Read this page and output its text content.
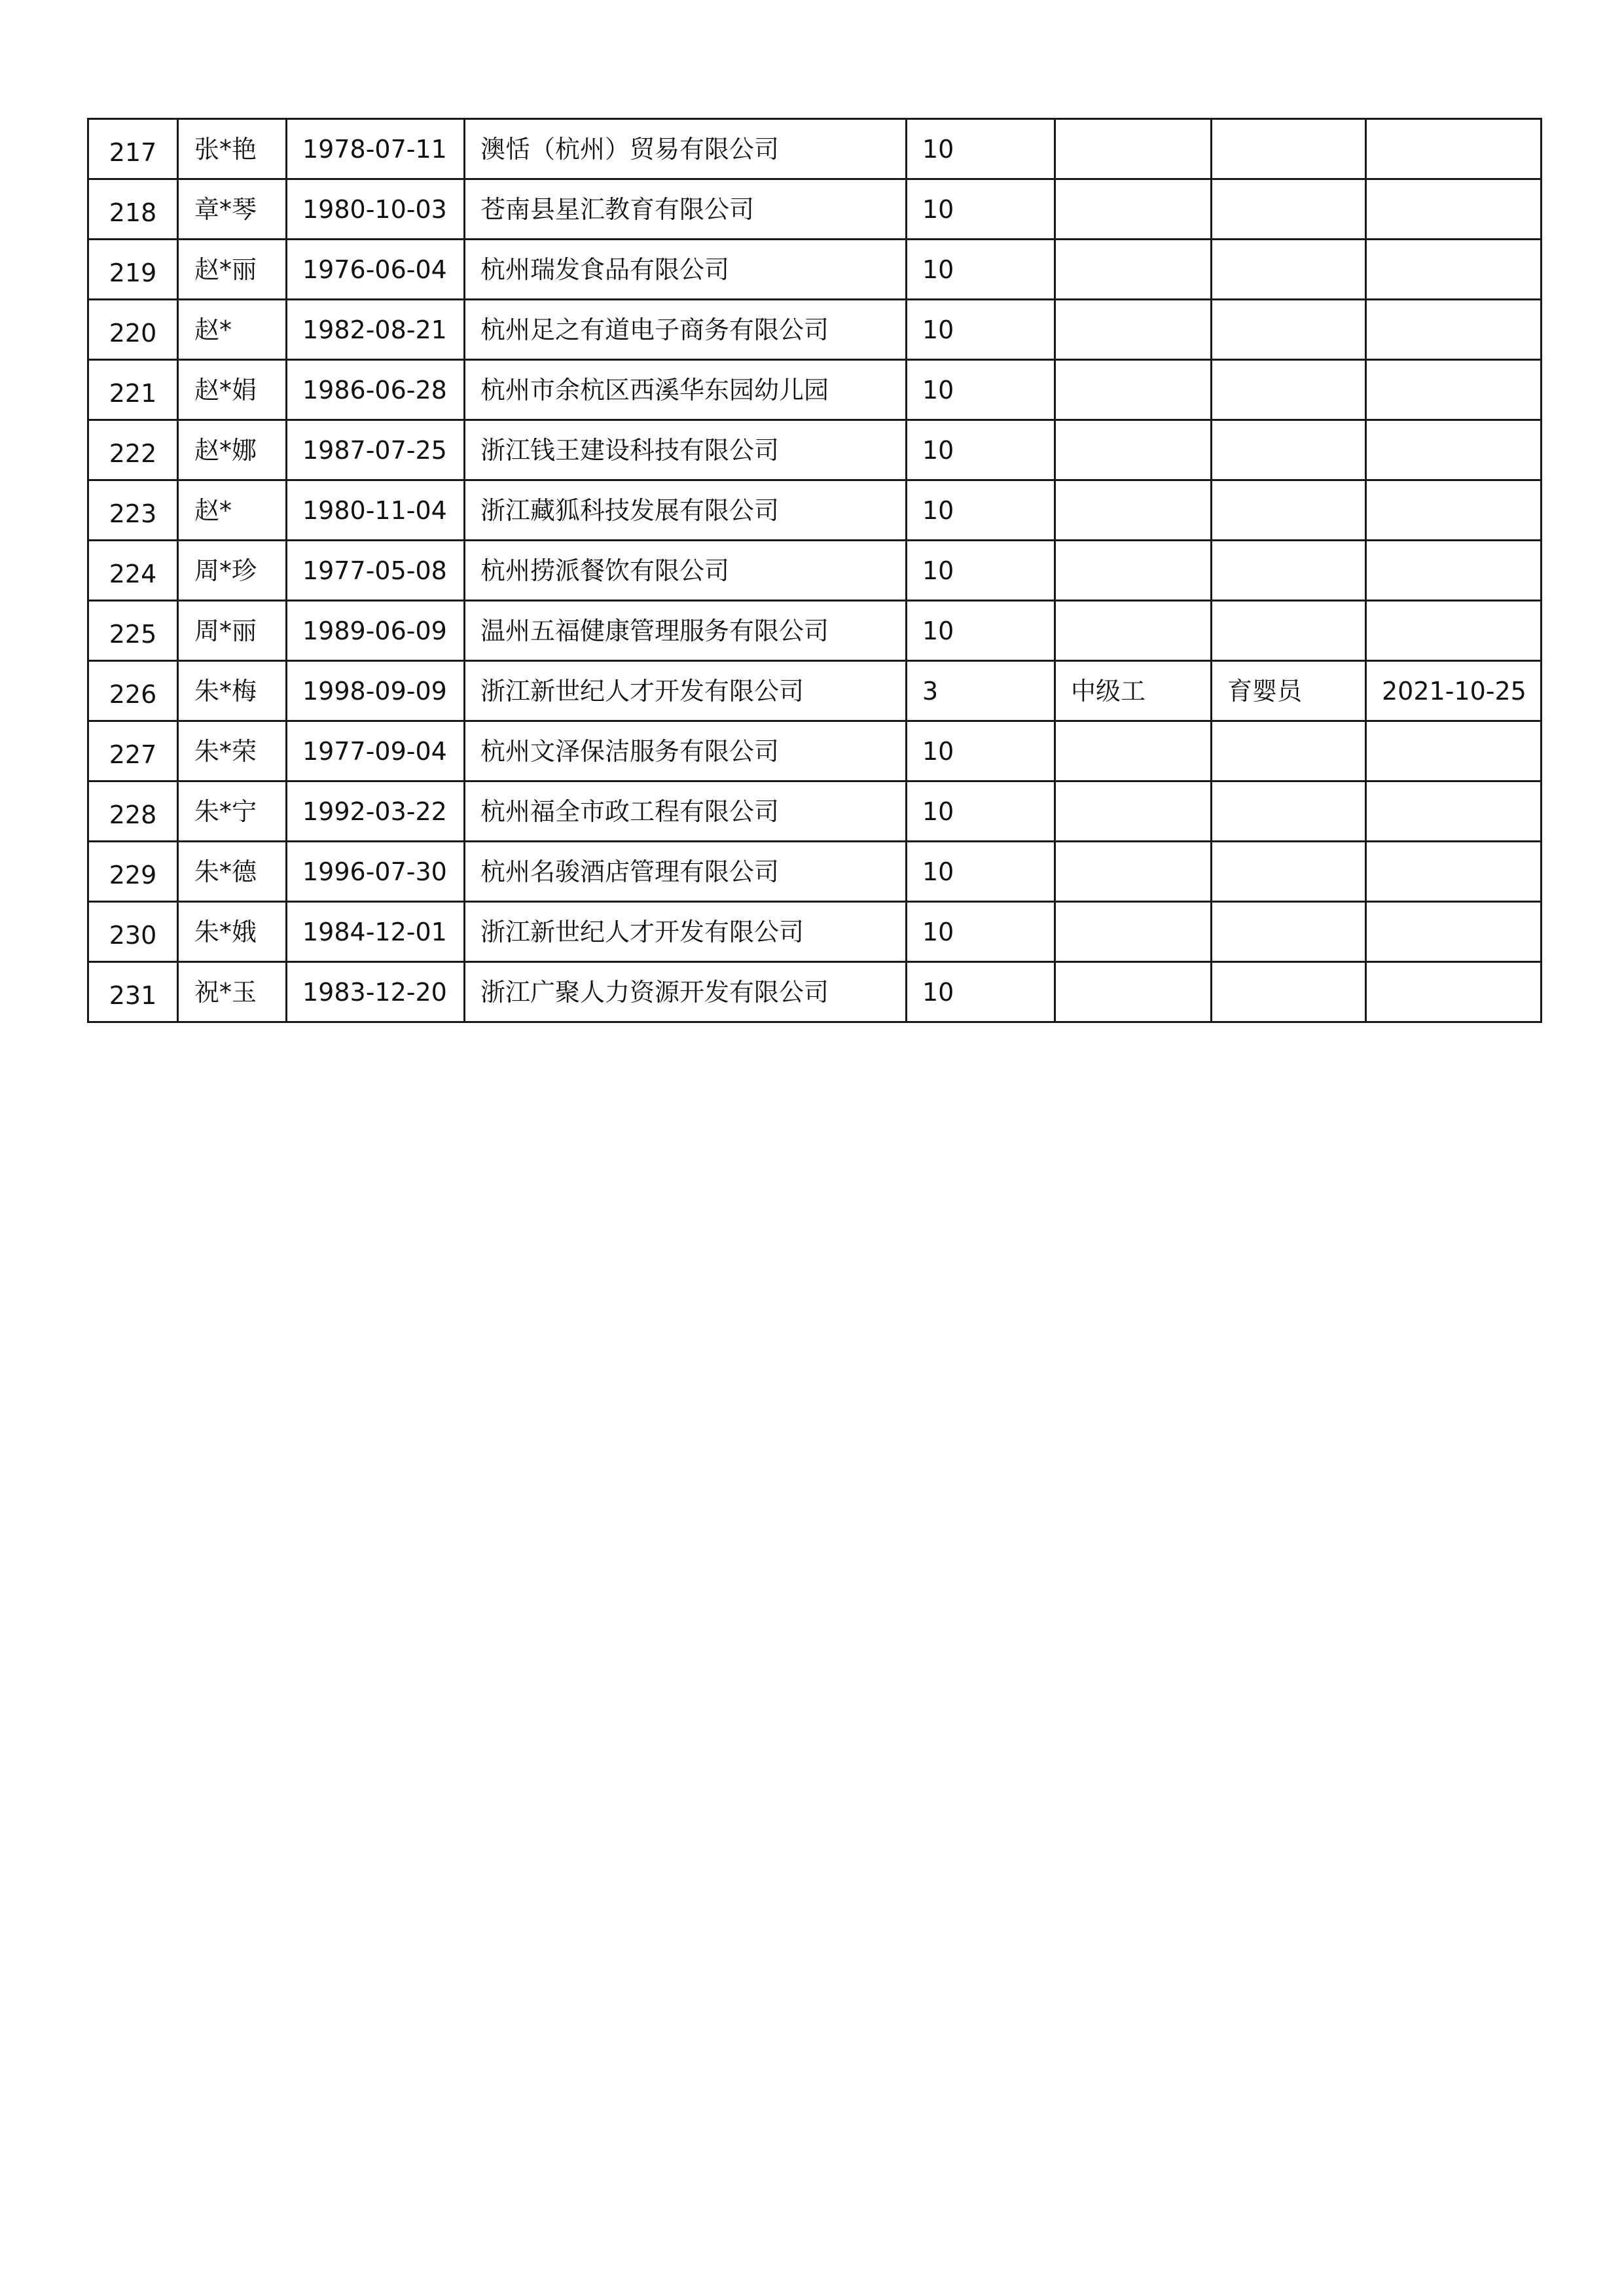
217	张*艳	1978-07-11	澳恬（杭州）贸易有限公司	10			
218	章*琴	1980-10-03	苍南县星汇教育有限公司	10			
219	赵*丽	1976-06-04	杭州瑞发食品有限公司	10			
220	赵*	1982-08-21	杭州足之有道电子商务有限公司	10			
221	赵*娟	1986-06-28	杭州市余杭区西溪华东园幼儿园	10			
222	赵*娜	1987-07-25	浙江钱王建设科技有限公司	10			
223	赵*	1980-11-04	浙江藏狐科技发展有限公司	10			
224	周*珍	1977-05-08	杭州捞派餐饮有限公司	10			
225	周*丽	1989-06-09	温州五福健康管理服务有限公司	10			
226	朱*梅	1998-09-09	浙江新世纪人才开发有限公司	3	中级工	育婴员	2021-10-25
227	朱*荣	1977-09-04	杭州文泽保洁服务有限公司	10			
228	朱*宁	1992-03-22	杭州福全市政工程有限公司	10			
229	朱*德	1996-07-30	杭州名骏酒店管理有限公司	10			
230	朱*娥	1984-12-01	浙江新世纪人才开发有限公司	10			
231	祝*玉	1983-12-20	浙江广聚人力资源开发有限公司	10			
